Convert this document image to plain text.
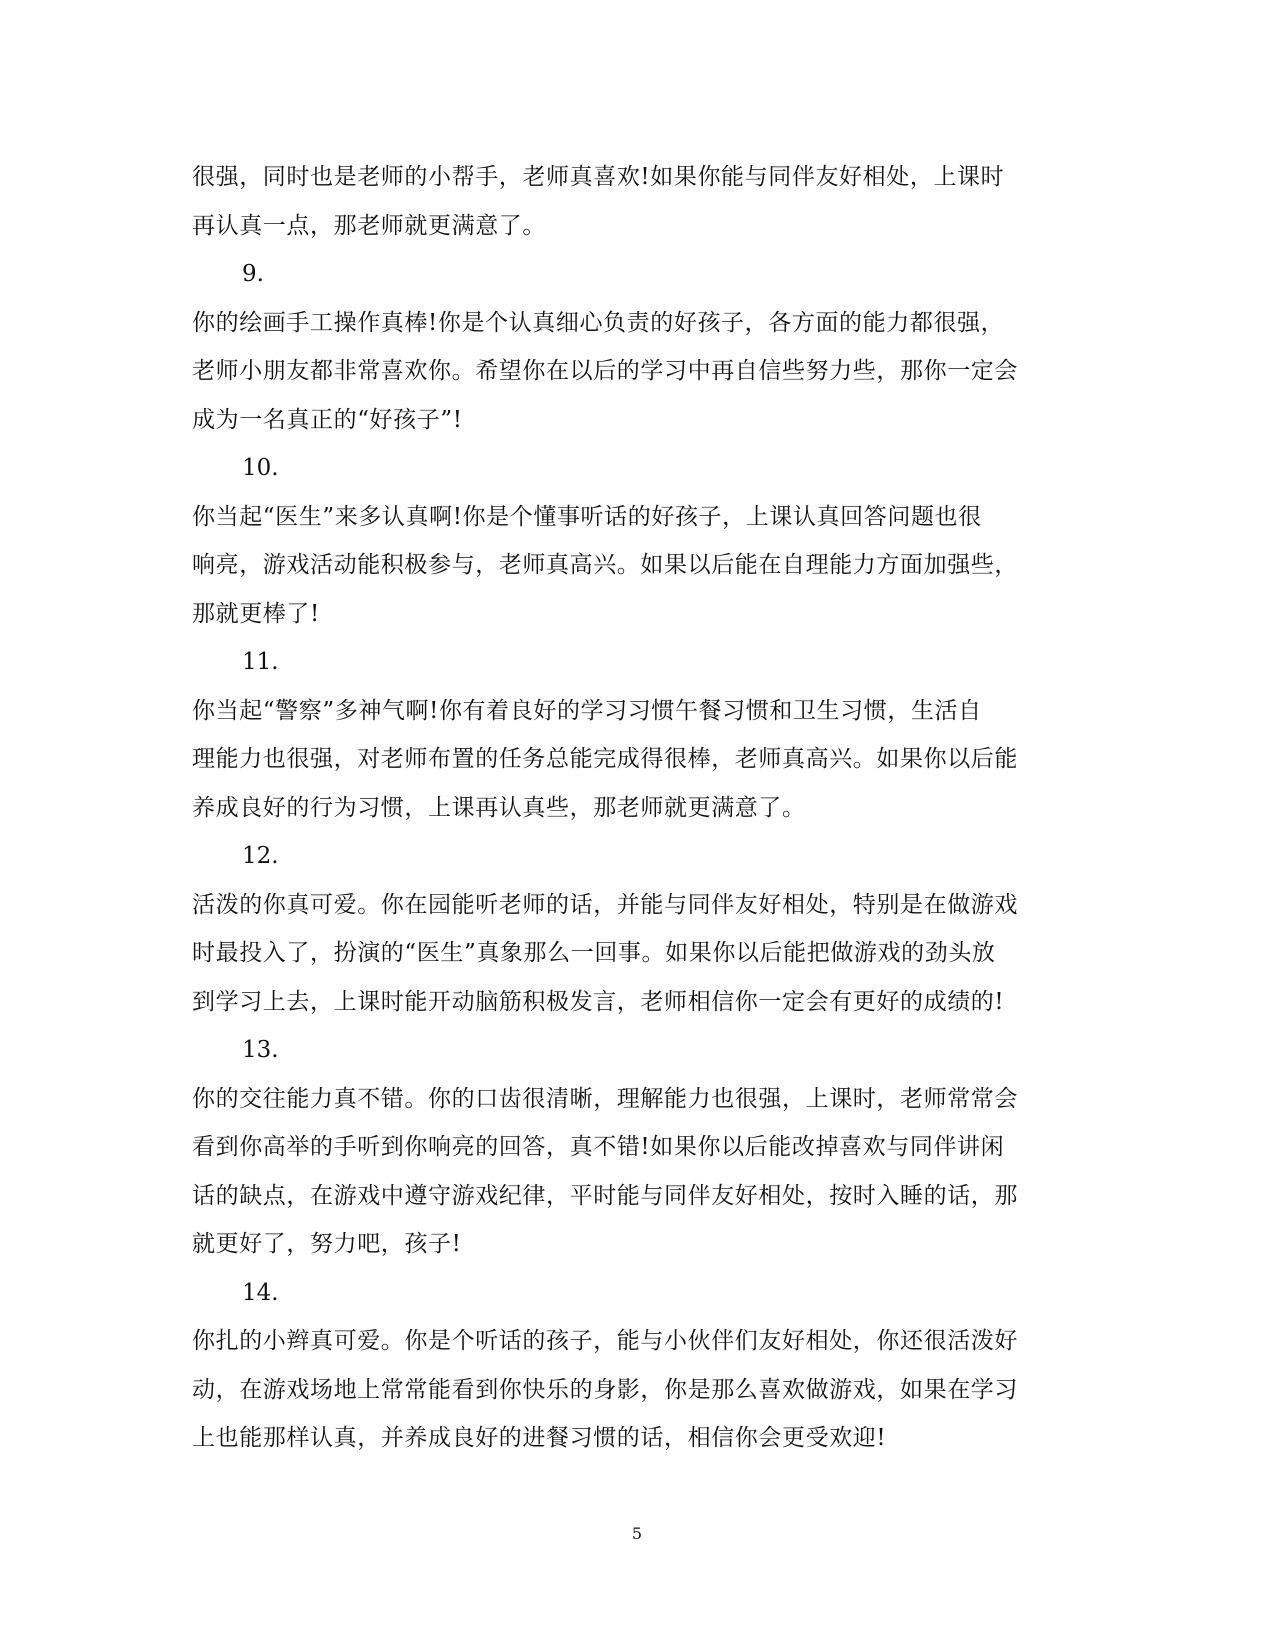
很强，同时也是老师的小帮手，老师真喜欢!如果你能与同伴友好相处，上课时
再认真一点，那老师就更满意了。
9.
你的绘画手工操作真棒!你是个认真细心负责的好孩子，各方面的能力都很强，
老师小朋友都非常喜欢你。希望你在以后的学习中再自信些努力些，那你一定会
成为一名真正的“好孩子”!
10.
你当起“医生”来多认真啊!你是个懂事听话的好孩子，上课认真回答问题也很
响亮，游戏活动能积极参与，老师真高兴。如果以后能在自理能力方面加强些，
那就更棒了!
11.
你当起“警察”多神气啊!你有着良好的学习习惯午餐习惯和卫生习惯，生活自
理能力也很强，对老师布置的任务总能完成得很棒，老师真高兴。如果你以后能
养成良好的行为习惯，上课再认真些，那老师就更满意了。
12.
活泼的你真可爱。你在园能听老师的话，并能与同伴友好相处，特别是在做游戏
时最投入了，扮演的“医生”真象那么一回事。如果你以后能把做游戏的劲头放
到学习上去，上课时能开动脑筋积极发言，老师相信你一定会有更好的成绩的!
13.
你的交往能力真不错。你的口齿很清晰，理解能力也很强，上课时，老师常常会
看到你高举的手听到你响亮的回答，真不错!如果你以后能改掉喜欢与同伴讲闲
话的缺点，在游戏中遵守游戏纪律，平时能与同伴友好相处，按时入睡的话，那
就更好了，努力吧，孩子!
14.
你扎的小辫真可爱。你是个听话的孩子，能与小伙伴们友好相处，你还很活泼好
动，在游戏场地上常常能看到你快乐的身影，你是那么喜欢做游戏，如果在学习
上也能那样认真，并养成良好的进餐习惯的话，相信你会更受欢迎!
5
